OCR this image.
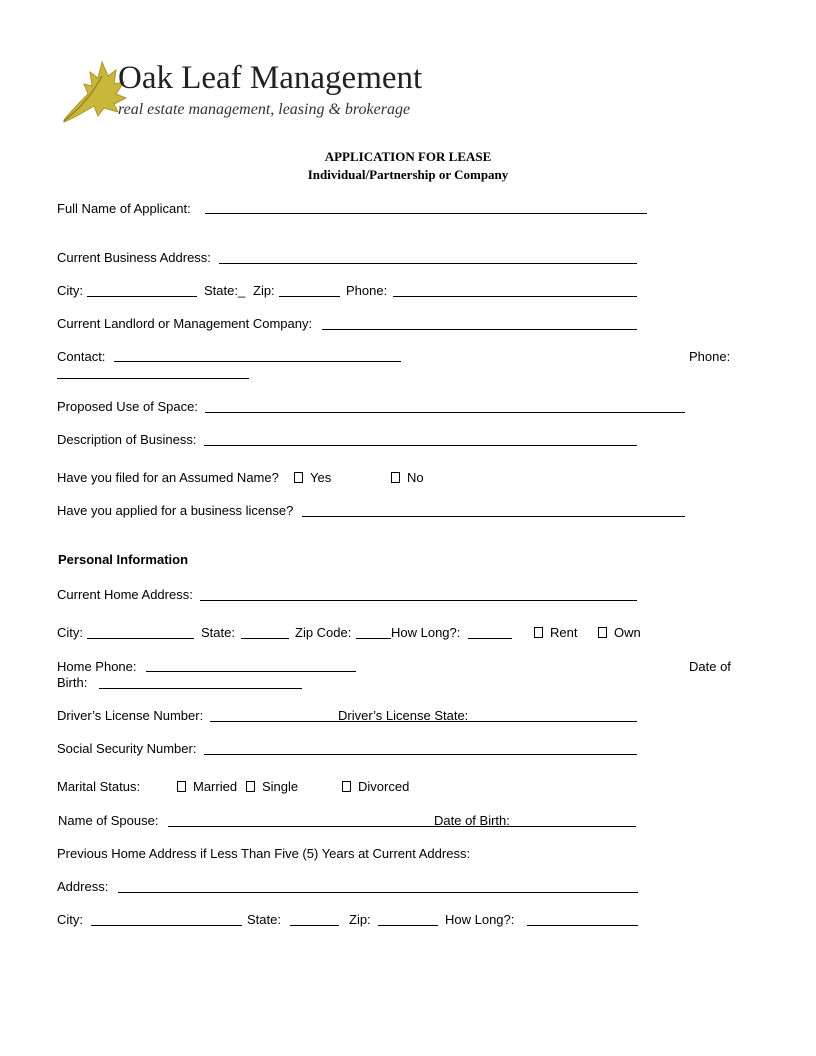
Oak Leaf Management
real estate management, leasing & brokerage
APPLICATION FOR LEASE
Individual/Partnership or Company
Full Name of Applicant:
Current Business Address:
City:	State:_ Zip:	Phone:
Current Landlord or Management Company:
Contact:	Phone:
Proposed Use of Space:
Description of Business:
Have you filed for an Assumed Name?	Yes	No
Have you applied for a business license?
Personal Information
Current Home Address:
City:	State:	Zip Code:	How Long?:	Rent	Own
Home Phone:	Date of
Birth:
Driver’s License Number:	Driver’s License State:
Social Security Number:
Marital Status:	Married	Single	Divorced
Name of Spouse:	Date of Birth:
Previous Home Address if Less Than Five (5) Years at Current Address:
Address:
City:	State:	Zip:	How Long?:
